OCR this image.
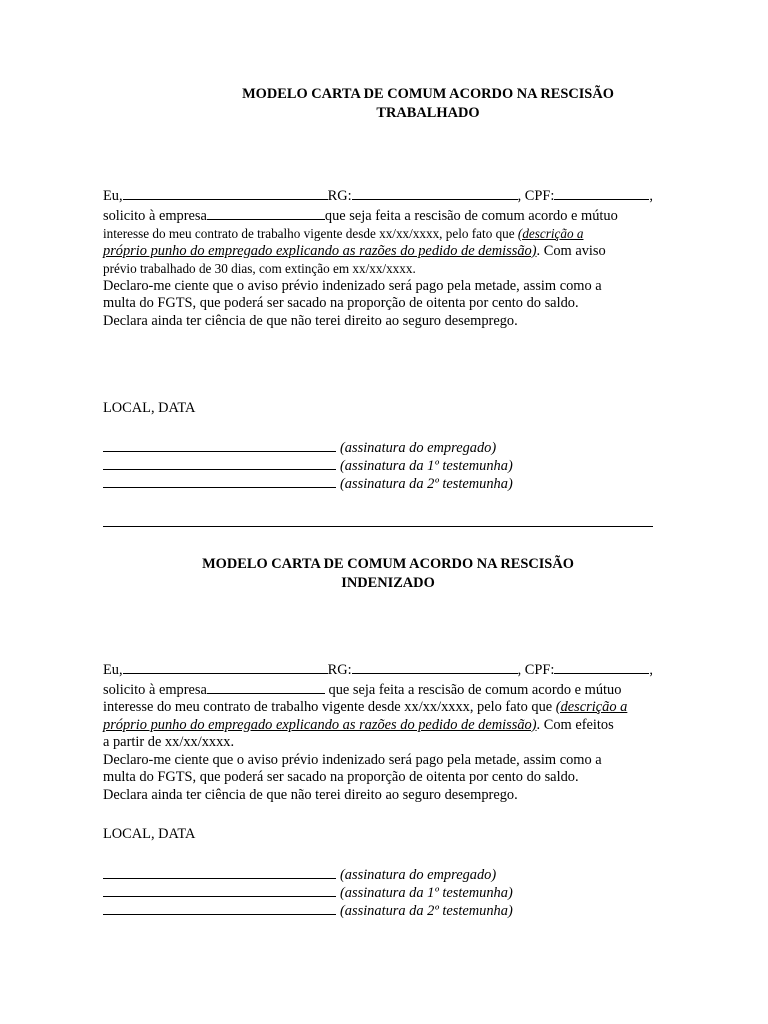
MODELO CARTA DE COMUM ACORDO NA RESCISÃO
TRABALHADO
Eu,	RG:	, CPF:	,
solicito à empresa	que seja feita a rescisão de comum acordo e mútuo
interesse do meu contrato de trabalho vigente desde xx/xx/xxxx, pelo fato que (descrição a
próprio punho do empregado explicando as razões do pedido de demissão). Com aviso
prévio trabalhado de 30 dias, com extinção em xx/xx/xxxx.
Declaro-me ciente que o aviso prévio indenizado será pago pela metade, assim como a
multa do FGTS, que poderá ser sacado na proporção de oitenta por cento do saldo.
Declara ainda ter ciência de que não terei direito ao seguro desemprego.
LOCAL, DATA
(assinatura do empregado)
(assinatura da 1º testemunha)
(assinatura da 2º testemunha)
MODELO CARTA DE COMUM ACORDO NA RESCISÃO
INDENIZADO
Eu,	RG:	, CPF:	,
solicito à empresa	que seja feita a rescisão de comum acordo e mútuo
interesse do meu contrato de trabalho vigente desde xx/xx/xxxx, pelo fato que (descrição a
próprio punho do empregado explicando as razões do pedido de demissão). Com efeitos
a partir de xx/xx/xxxx.
Declaro-me ciente que o aviso prévio indenizado será pago pela metade, assim como a
multa do FGTS, que poderá ser sacado na proporção de oitenta por cento do saldo.
Declara ainda ter ciência de que não terei direito ao seguro desemprego.
LOCAL, DATA
(assinatura do empregado)
(assinatura da 1º testemunha)
(assinatura da 2º testemunha)
